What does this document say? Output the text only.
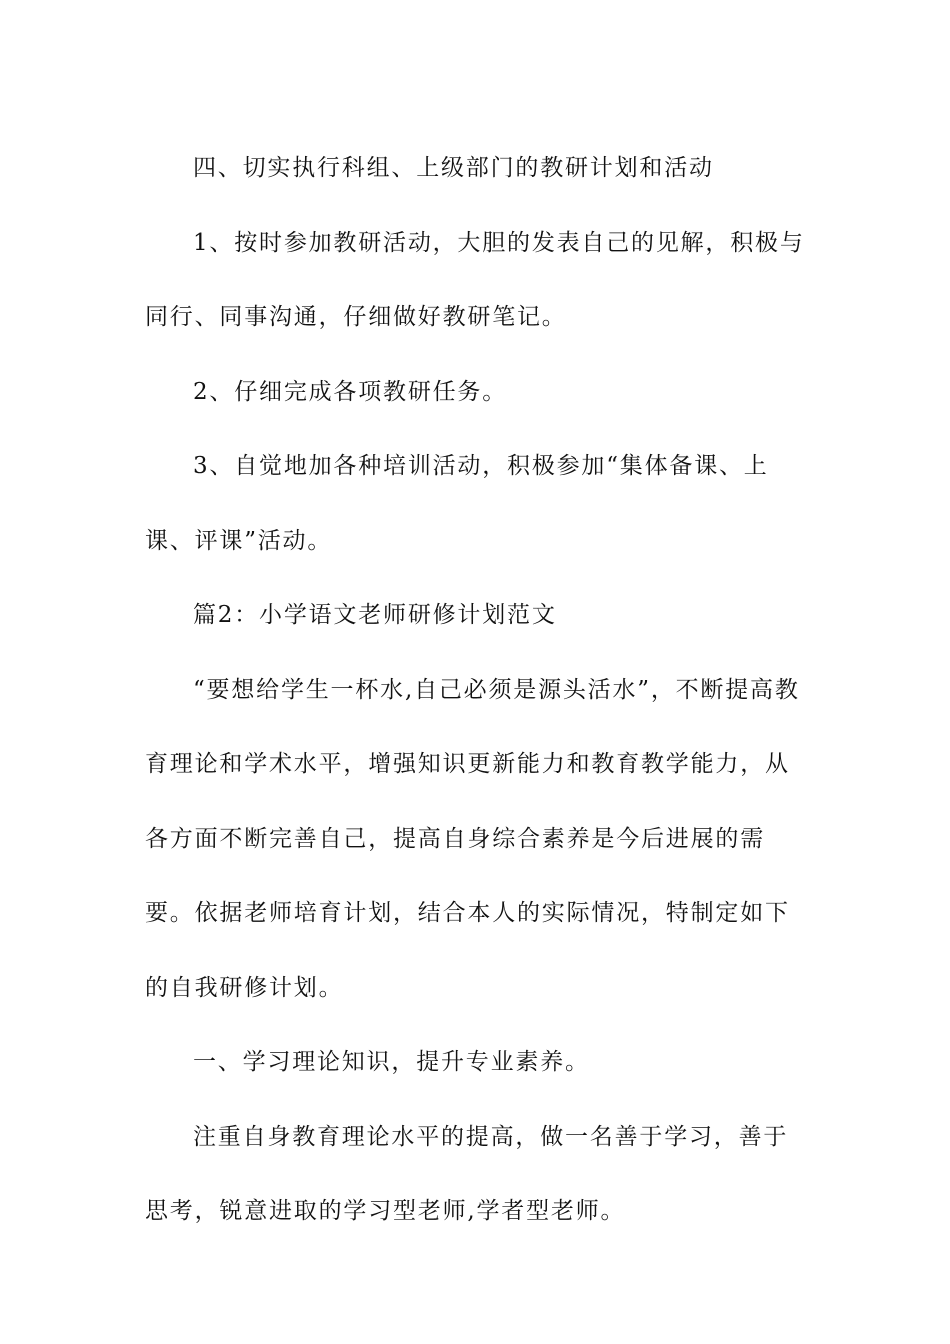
四、切实执行科组、上级部门的教研计划和活动

1、按时参加教研活动，大胆的发表自己的见解，积极与同行、同事沟通，仔细做好教研笔记。

2、仔细完成各项教研任务。

3、自觉地加各种培训活动，积极参加“集体备课、上课、评课”活动。

篇2：小学语文老师研修计划范文

“要想给学生一杯水,自己必须是源头活水”，不断提高教育理论和学术水平，增强知识更新能力和教育教学能力，从各方面不断完善自己，提高自身综合素养是今后进展的需要。依据老师培育计划，结合本人的实际情况，特制定如下的自我研修计划。

一、学习理论知识，提升专业素养。

注重自身教育理论水平的提高，做一名善于学习，善于思考，锐意进取的学习型老师,学者型老师。
